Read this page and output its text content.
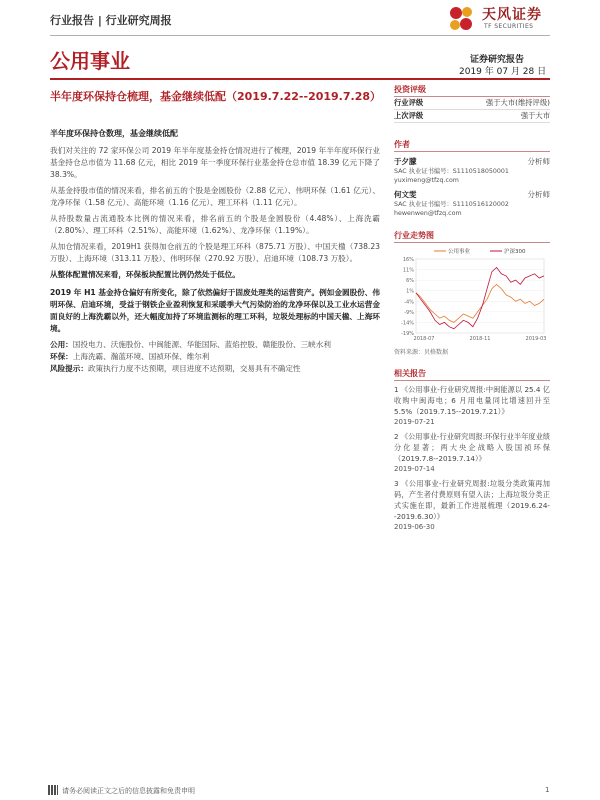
行业报告 | 行业研究周报	天风证券
TF SECURITIES
公用事业	证券研究报告
2019 年 07 月 28 日
半年度环保持仓梳理，基金继续低配（2019.7.22--2019.7.28）
半年度环保持仓数理，基金继续低配
我们对关注的 72 家环保公司 2019 年半年度基金持仓情况进行了梳理，2019 年半年度环保行业基金持仓总市值为 11.68 亿元，相比 2019 年一季度环保行业基金持仓总市值 18.39 亿元下降了 38.3%。
从基金持股市值的情况来看，排名前五的个股是金圆股份（2.88 亿元）、伟明环保（1.61 亿元）、龙净环保（1.58 亿元）、高能环境（1.16 亿元）、理工环科（1.11 亿元）。
从持股数量占流通股本比例的情况来看，排名前五的个股是金圆股份（4.48%）、上海洗霸（2.80%）、理工环科（2.51%）、高能环境（1.62%）、龙净环保（1.19%）。
从加仓情况来看，2019H1 获得加仓前五的个股是理工环科（875.71 万股）、中国天楹（738.23 万股）、上海环境（313.11 万股）、伟明环保（270.92 万股）、启迪环境（108.73 万股）。
从整体配置情况来看，环保板块配置比例仍然处于低位。
2019 年 H1 基金持仓偏好有所变化，除了依然偏好于固废处理类的运营资产。例如金圆股份、伟明环保、启迪环境，受益于钢铁企业盈利恢复和采暖季大气污染防治的龙净环保以及工业水运营金面良好的上海洗霸以外，还大幅度加持了环境监测标的理工环科，垃圾处理标的中国天楹、上海环境。
公用：国投电力、沃施股份、中闽能源、华能国际、蓝焰控股、赣能股份、三峡水利
环保：上海洗霸、瀚蓝环境、国祯环保、维尔利
风险提示：政策执行力度不达预期，项目进度不达预期，交易具有不确定性
投资评级
行业评级	强于大市(维持评级)
上次评级	强于大市
作者
于夕朦	分析师
SAC 执业证书编号：S1110518050001
yuximeng@tfzq.com
何文雯	分析师
SAC 执业证书编号：S1110516120002
hewenwen@tfzq.com
行业走势图
16%
11%
6%
1%
-4%
-9%
-14%
-19%
2018-07	2018-11	2019-03
公用事业	沪深300
资料来源：贝格数据
相关报告
1 《公用事业-行业研究周报:中闽能源以 25.4 亿收购中闽海电；6 月用电量同比增速回升至 5.5%（2019.7.15--2019.7.21）》
2019-07-21
2 《公用事业-行业研究周报:环保行业半年度业绩分化显著；两大央企战略入股国祯环保（2019.7.8--2019.7.14）》
2019-07-14
3 《公用事业-行业研究周报:垃圾分类政策再加码，产生者付费原则有望入法；上海垃圾分类正式实施在即，最新工作进展梳理（2019.6.24--2019.6.30）》
2019-06-30
请务必阅读正文之后的信息披露和免责申明	1
